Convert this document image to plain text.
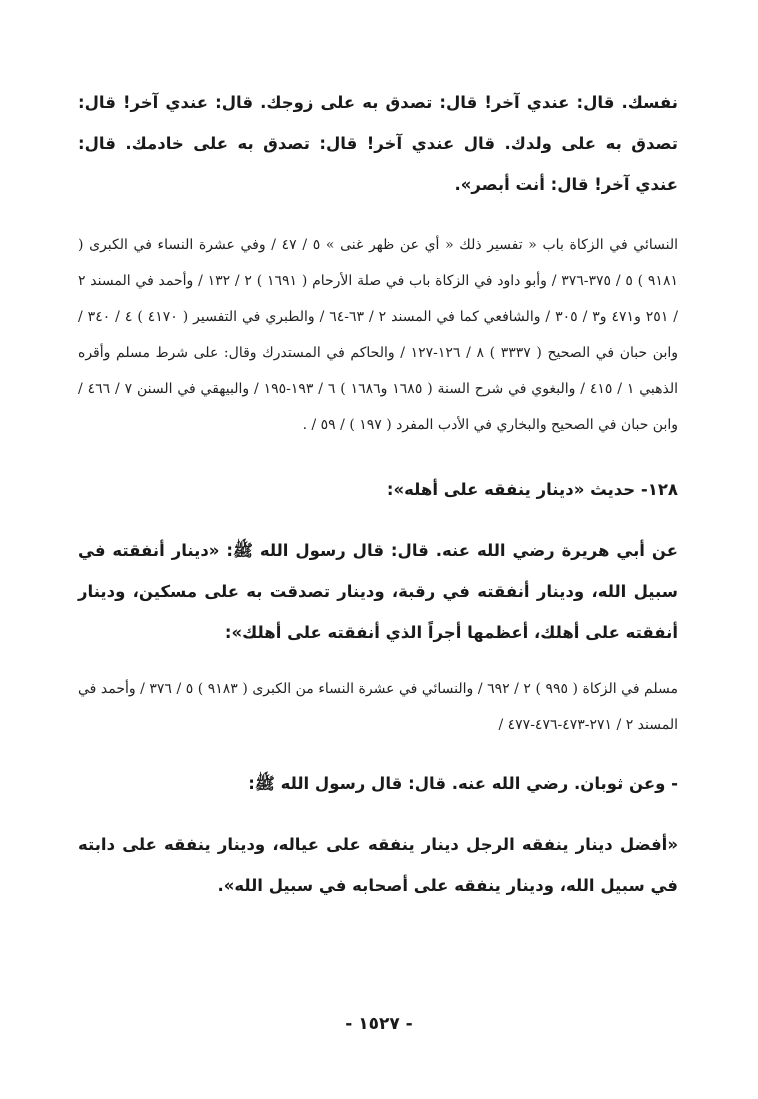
نفسك. قال: عندي آخر! قال: تصدق به على زوجك. قال: عندي آخر! قال: تصدق به على ولدك. قال عندي آخر! قال: تصدق به على خادمك. قال: عندي آخر! قال: أنت أبصر».

النسائي في الزكاة باب « تفسير ذلك « أي عن ظهر غنى » ٥ / ٤٧ / وفي عشرة النساء في الكبرى ( ٩١٨١ ) ٥ / ٣٧٥-٣٧٦ / وأبو داود في الزكاة باب في صلة الأرحام ( ١٦٩١ ) ٢ / ١٣٢ / وأحمد في المسند ٢ / ٢٥١ و٤٧١ و٣ / ٣٠٥ / والشافعي كما في المسند ٢ / ٦٣-٦٤ / والطبري في التفسير ( ٤١٧٠ ) ٤ / ٣٤٠ / وابن حبان في الصحيح ( ٣٣٣٧ ) ٨ / ١٢٦-١٢٧ / والحاكم في المستدرك وقال: على شرط مسلم وأقره الذهبي ١ / ٤١٥ / والبغوي في شرح السنة ( ١٦٨٥ و١٦٨٦ ) ٦ / ١٩٣-١٩٥ / والبيهقي في السنن ٧ / ٤٦٦ / وابن حبان في الصحيح والبخاري في الأدب المفرد ( ١٩٧ ) / ٥٩ / .

١٢٨- حديث «دينار ينفقه على أهله»:

عن أبي هريرة رضي الله عنه. قال: قال رسول الله ﷺ: «دينار أنفقته في سبيل الله، ودينار أنفقته في رقبة، ودينار تصدقت به على مسكين، ودينار أنفقته على أهلك، أعظمها أجراً الذي أنفقته على أهلك»:

مسلم في الزكاة ( ٩٩٥ ) ٢ / ٦٩٢ / والنسائي في عشرة النساء من الكبرى ( ٩١٨٣ ) ٥ / ٣٧٦ / وأحمد في المسند ٢ / ٢٧١-٤٧٣-٤٧٦-٤٧٧ /

- وعن ثوبان. رضي الله عنه. قال: قال رسول الله ﷺ:

«أفضل دينار ينفقه الرجل دينار ينفقه على عياله، ودينار ينفقه على دابته في سبيل الله، ودينار ينفقه على أصحابه في سبيل الله».

- ١٥٢٧ -
